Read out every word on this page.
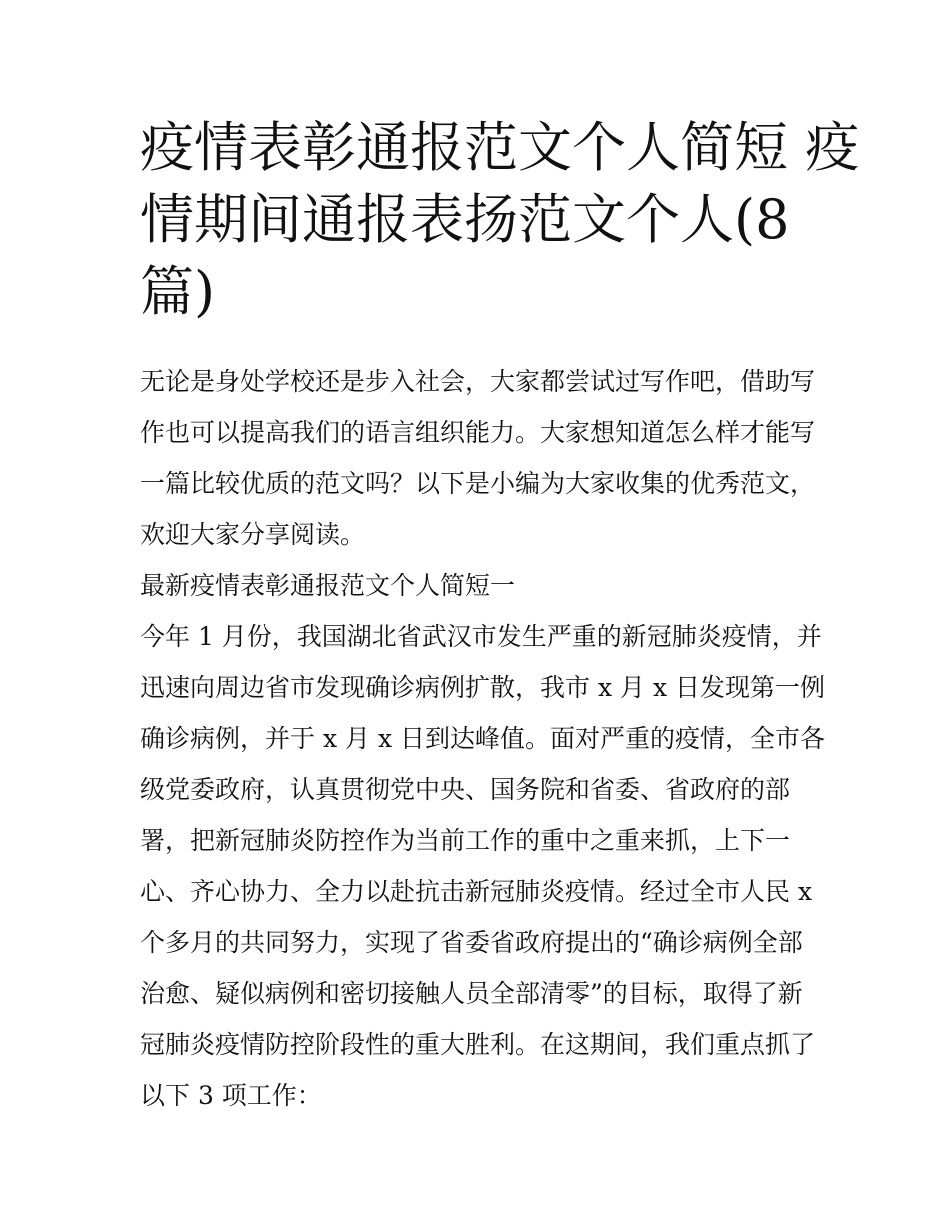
疫情表彰通报范文个人简短 疫
情期间通报表扬范文个人(8
篇)
无论是身处学校还是步入社会，大家都尝试过写作吧，借助写
作也可以提高我们的语言组织能力。大家想知道怎么样才能写
一篇比较优质的范文吗？以下是小编为大家收集的优秀范文，
欢迎大家分享阅读。
最新疫情表彰通报范文个人简短一
今年 1 月份，我国湖北省武汉市发生严重的新冠肺炎疫情，并
迅速向周边省市发现确诊病例扩散，我市 x 月 x 日发现第一例
确诊病例，并于 x 月 x 日到达峰值。面对严重的疫情，全市各
级党委政府，认真贯彻党中央、国务院和省委、省政府的部
署，把新冠肺炎防控作为当前工作的重中之重来抓，上下一
心、齐心协力、全力以赴抗击新冠肺炎疫情。经过全市人民 x
个多月的共同努力，实现了省委省政府提出的“确诊病例全部
治愈、疑似病例和密切接触人员全部清零”的目标，取得了新
冠肺炎疫情防控阶段性的重大胜利。在这期间，我们重点抓了
以下 3 项工作：
